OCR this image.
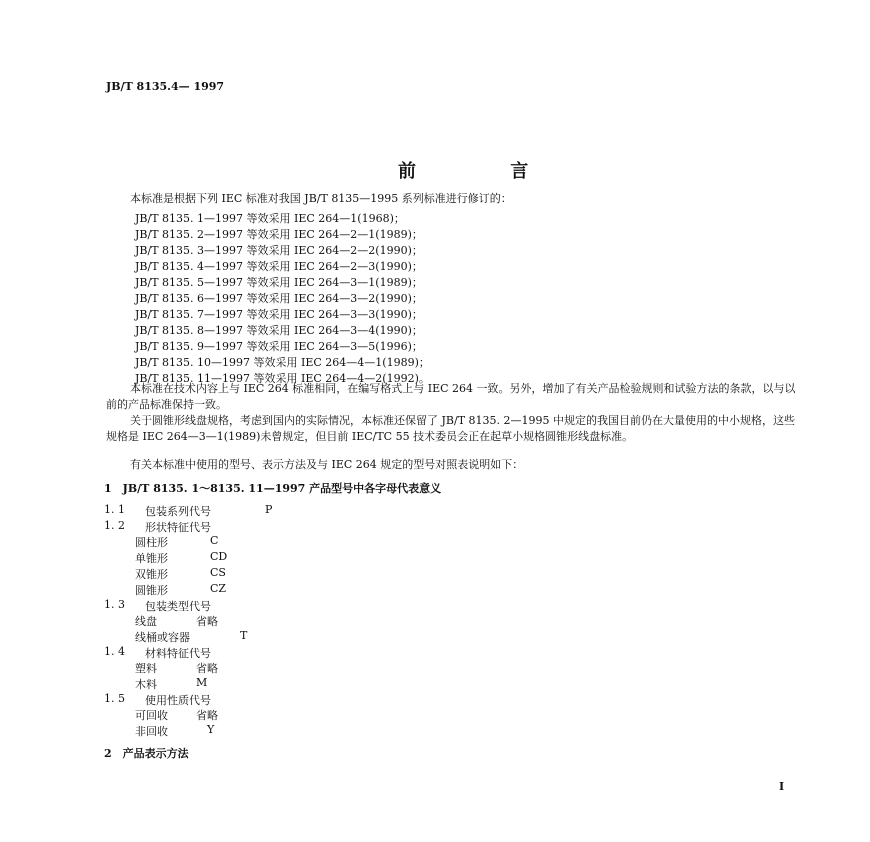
JB/T 8135.4— 1997
前 言
本标准是根据下列 IEC 标准对我国 JB/T 8135—1995 系列标准进行修订的：
JB/T 8135. 1—1997 等效采用 IEC 264—1(1968)；
JB/T 8135. 2—1997 等效采用 IEC 264—2—1(1989)；
JB/T 8135. 3—1997 等效采用 IEC 264—2—2(1990)；
JB/T 8135. 4—1997 等效采用 IEC 264—2—3(1990)；
JB/T 8135. 5—1997 等效采用 IEC 264—3—1(1989)；
JB/T 8135. 6—1997 等效采用 IEC 264—3—2(1990)；
JB/T 8135. 7—1997 等效采用 IEC 264—3—3(1990)；
JB/T 8135. 8—1997 等效采用 IEC 264—3—4(1990)；
JB/T 8135. 9—1997 等效采用 IEC 264—3—5(1996)；
JB/T 8135. 10—1997 等效采用 IEC 264—4—1(1989)；
JB/T 8135. 11—1997 等效采用 IEC 264—4—2(1992)。
本标准在技术内容上与 IEC 264 标准相同，在编写格式上与 IEC 264 一致。另外，增加了有关产品检验规则和试验方法的条款，以与以前的产品标准保持一致。
关于圆锥形线盘规格，考虑到国内的实际情况，本标准还保留了 JB/T 8135. 2—1995 中规定的我国目前仍在大量使用的中小规格，这些规格是 IEC 264—3—1(1989)未曾规定，但目前 IEC/TC 55 技术委员会正在起草小规格圆锥形线盘标准。
有关本标准中使用的型号、表示方法及与 IEC 264 规定的型号对照表说明如下：
1　JB/T 8135. 1～8135. 11—1997 产品型号中各字母代表意义
1. 1 包装系列代号	P
1. 2 形状特征代号
圆柱形	C
单锥形	CD
双锥形	CS
圆锥形	CZ
1. 3 包装类型代号
线盘	省略
线桶或容器	T
1. 4 材料特征代号
塑料	省略
木料	M
1. 5 使用性质代号
可回收	省略
非回收	Y
2　产品表示方法
I
